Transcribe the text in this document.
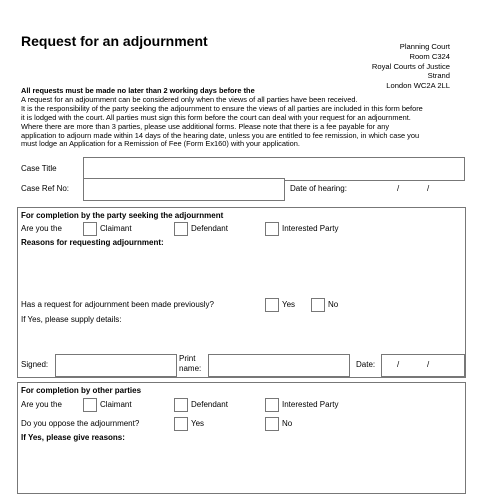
Request for an adjournment	Planning Court
Room C324
Royal Courts of Justice
Strand
London WC2A 2LL
All requests must be made no later than 2 working days before the
A request for an adjournment can be considered only when the views of all parties have been received.
It is the responsibility of the party seeking the adjournment to ensure the views of all parties are included in this form before
it is lodged with the court. All parties must sign this form before the court can deal with your request for an adjournment.
Where there are more than 3 parties, please use additional forms. Please note that there is a fee payable for any
application to adjourn made within 14 days of the hearing date, unless you are entitled to fee remission, in which case you
must lodge an Application for a Remission of Fee (Form Ex160) with your application.
Case Title
Case Ref No:	Date of hearing:	/	/
For completion by the party seeking the adjournment
Are you the	Claimant	Defendant	Interested Party
Reasons for requesting adjournment:
Has a request for adjournment been made previously?	Yes	No
If Yes, please supply details:
Signed:
Print
name:	Date:	/	/
For completion by other parties
Are you the	Claimant	Defendant	Interested Party
Do you oppose the adjournment?	Yes	No
If Yes, please give reasons:
